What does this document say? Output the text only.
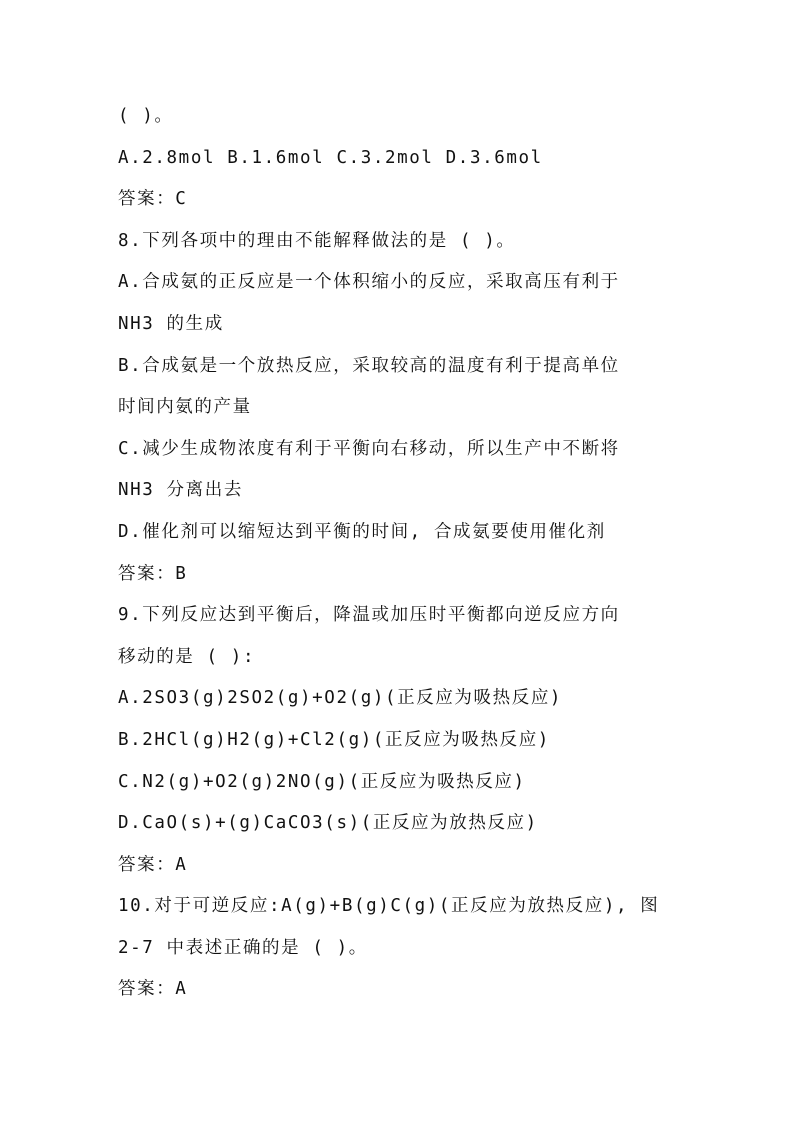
( )。
A.2.8mol B.1.6mol C.3.2mol D.3.6mol
答案：C
8.下列各项中的理由不能解释做法的是 ( )。
A.合成氨的正反应是一个体积缩小的反应，采取高压有利于
NH3 的生成
B.合成氨是一个放热反应，采取较高的温度有利于提高单位
时间内氨的产量
C.减少生成物浓度有利于平衡向右移动，所以生产中不断将
NH3 分离出去
D.催化剂可以缩短达到平衡的时间, 合成氨要使用催化剂
答案：B
9.下列反应达到平衡后，降温或加压时平衡都向逆反应方向
移动的是 ( ):
A.2SO3(g)2SO2(g)+O2(g)(正反应为吸热反应)
B.2HCl(g)H2(g)+Cl2(g)(正反应为吸热反应)
C.N2(g)+O2(g)2NO(g)(正反应为吸热反应)
D.CaO(s)+(g)CaCO3(s)(正反应为放热反应)
答案：A
10.对于可逆反应:A(g)+B(g)C(g)(正反应为放热反应), 图
2-7 中表述正确的是 ( )。
答案：A
